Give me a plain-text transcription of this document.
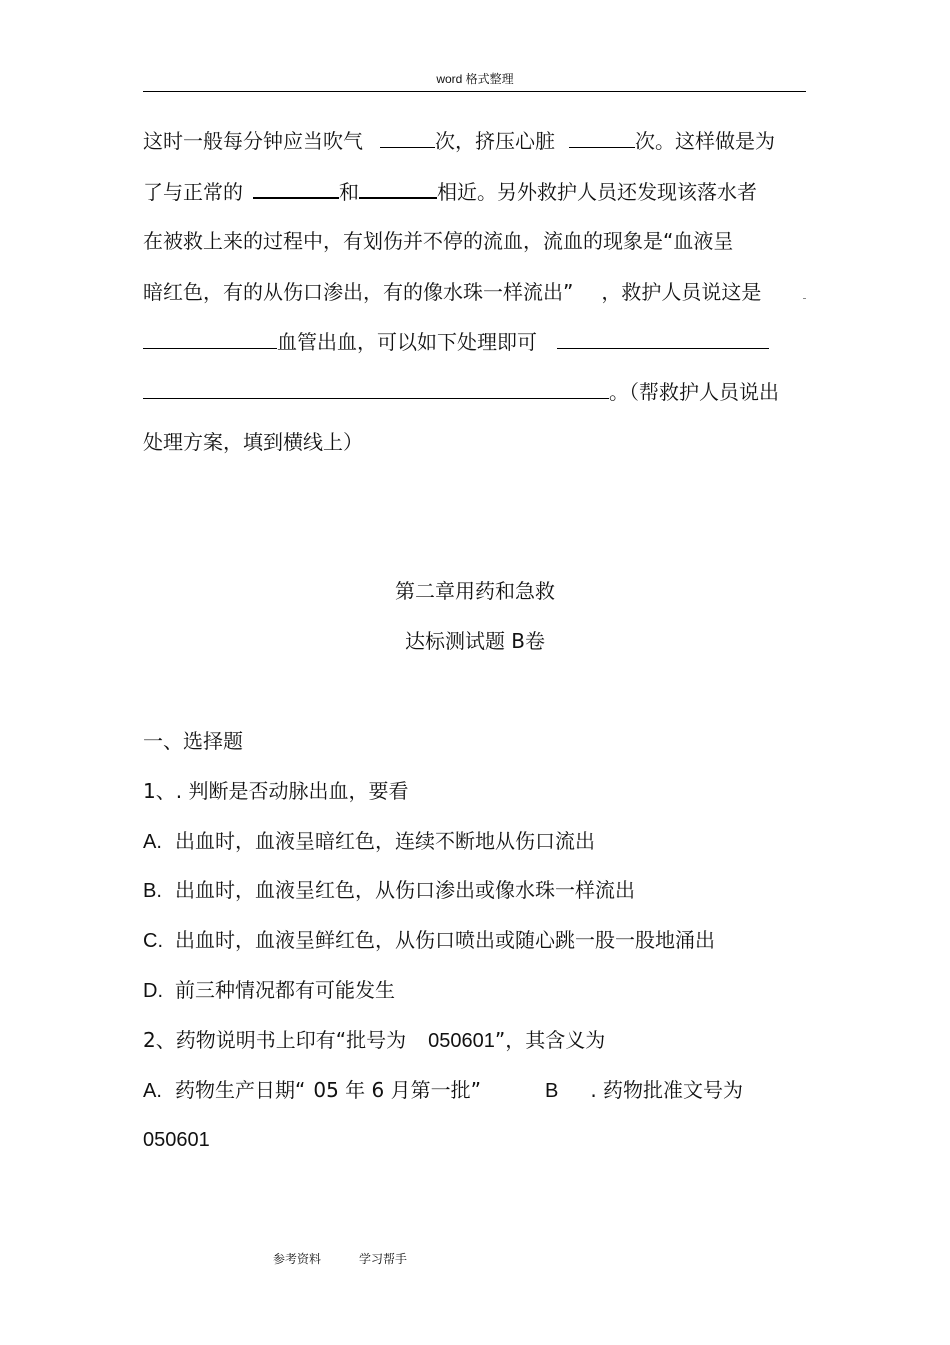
word 格式整理
这时一般每分钟应当吹气	次，挤压心脏	次。这样做是为
了与正常的	和	相近。另外救护人员还发现该落水者
在被救上来的过程中，有划伤并不停的流血，流血的现象是“血液呈
暗红色，有的从伤口渗出，有的像水珠一样流出” ，救护人员说这是
血管出血，可以如下处理即可
。（帮救护人员说出
处理方案，填到横线上）
第二章用药和急救
达标测试题 B卷
一、选择题
1、. 判断是否动脉出血，要看
A. 出血时，血液呈暗红色，连续不断地从伤口流出
B. 出血时，血液呈红色，从伤口渗出或像水珠一样流出
C. 出血时，血液呈鲜红色，从伤口喷出或随心跳一股一股地涌出
D. 前三种情况都有可能发生
2、药物说明书上印有“批号为 050601”，其含义为
A. 药物生产日期“ 05 年 6 月第一批”	B . 药物批准文号为
050601
参考资料	学习帮手
